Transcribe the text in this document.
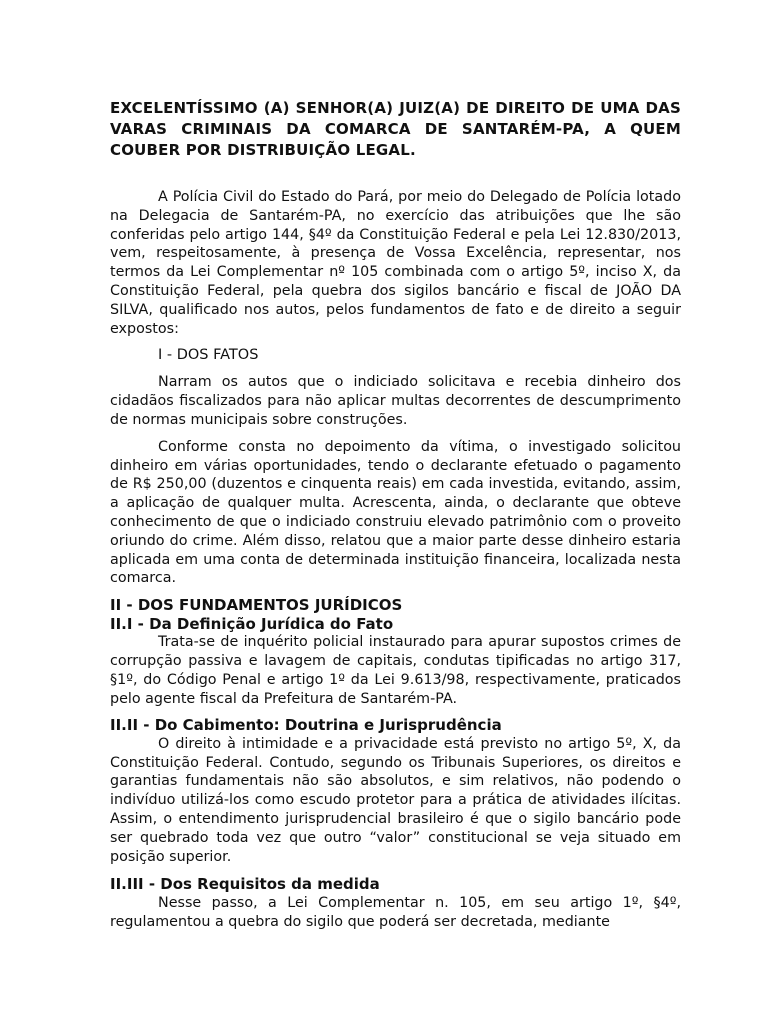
EXCELENTÍSSIMO (A) SENHOR(A) JUIZ(A) DE DIREITO DE UMA DAS VARAS CRIMINAIS DA COMARCA DE SANTARÉM-PA, A QUEM COUBER POR DISTRIBUIÇÃO LEGAL.

A Polícia Civil do Estado do Pará, por meio do Delegado de Polícia lotado na Delegacia de Santarém-PA, no exercício das atribuições que lhe são conferidas pelo artigo 144, §4º da Constituição Federal e pela Lei 12.830/2013, vem, respeitosamente, à presença de Vossa Excelência, representar, nos termos da Lei Complementar nº 105 combinada com o artigo 5º, inciso X, da Constituição Federal, pela quebra dos sigilos bancário e fiscal de JOÃO DA SILVA, qualificado nos autos, pelos fundamentos de fato e de direito a seguir expostos:

I - DOS FATOS

Narram os autos que o indiciado solicitava e recebia dinheiro dos cidadãos fiscalizados para não aplicar multas decorrentes de descumprimento de normas municipais sobre construções.

Conforme consta no depoimento da vítima, o investigado solicitou dinheiro em várias oportunidades, tendo o declarante efetuado o pagamento de R$ 250,00 (duzentos e cinquenta reais) em cada investida, evitando, assim, a aplicação de qualquer multa. Acrescenta, ainda, o declarante que obteve conhecimento de que o indiciado construiu elevado patrimônio com o proveito oriundo do crime. Além disso, relatou que a maior parte desse dinheiro estaria aplicada em uma conta de determinada instituição financeira, localizada nesta comarca.

II - DOS FUNDAMENTOS JURÍDICOS

II.I - Da Definição Jurídica do Fato

Trata-se de inquérito policial instaurado para apurar supostos crimes de corrupção passiva e lavagem de capitais, condutas tipificadas no artigo 317, §1º, do Código Penal e artigo 1º da Lei 9.613/98, respectivamente, praticados pelo agente fiscal da Prefeitura de Santarém-PA.

II.II - Do Cabimento: Doutrina e Jurisprudência

O direito à intimidade e a privacidade está previsto no artigo 5º, X, da Constituição Federal. Contudo, segundo os Tribunais Superiores, os direitos e garantias fundamentais não são absolutos, e sim relativos, não podendo o indivíduo utilizá-los como escudo protetor para a prática de atividades ilícitas. Assim, o entendimento jurisprudencial brasileiro é que o sigilo bancário pode ser quebrado toda vez que outro “valor” constitucional se veja situado em posição superior.

II.III - Dos Requisitos da medida

Nesse passo, a Lei Complementar n. 105, em seu artigo 1º, §4º, regulamentou a quebra do sigilo que poderá ser decretada, mediante
